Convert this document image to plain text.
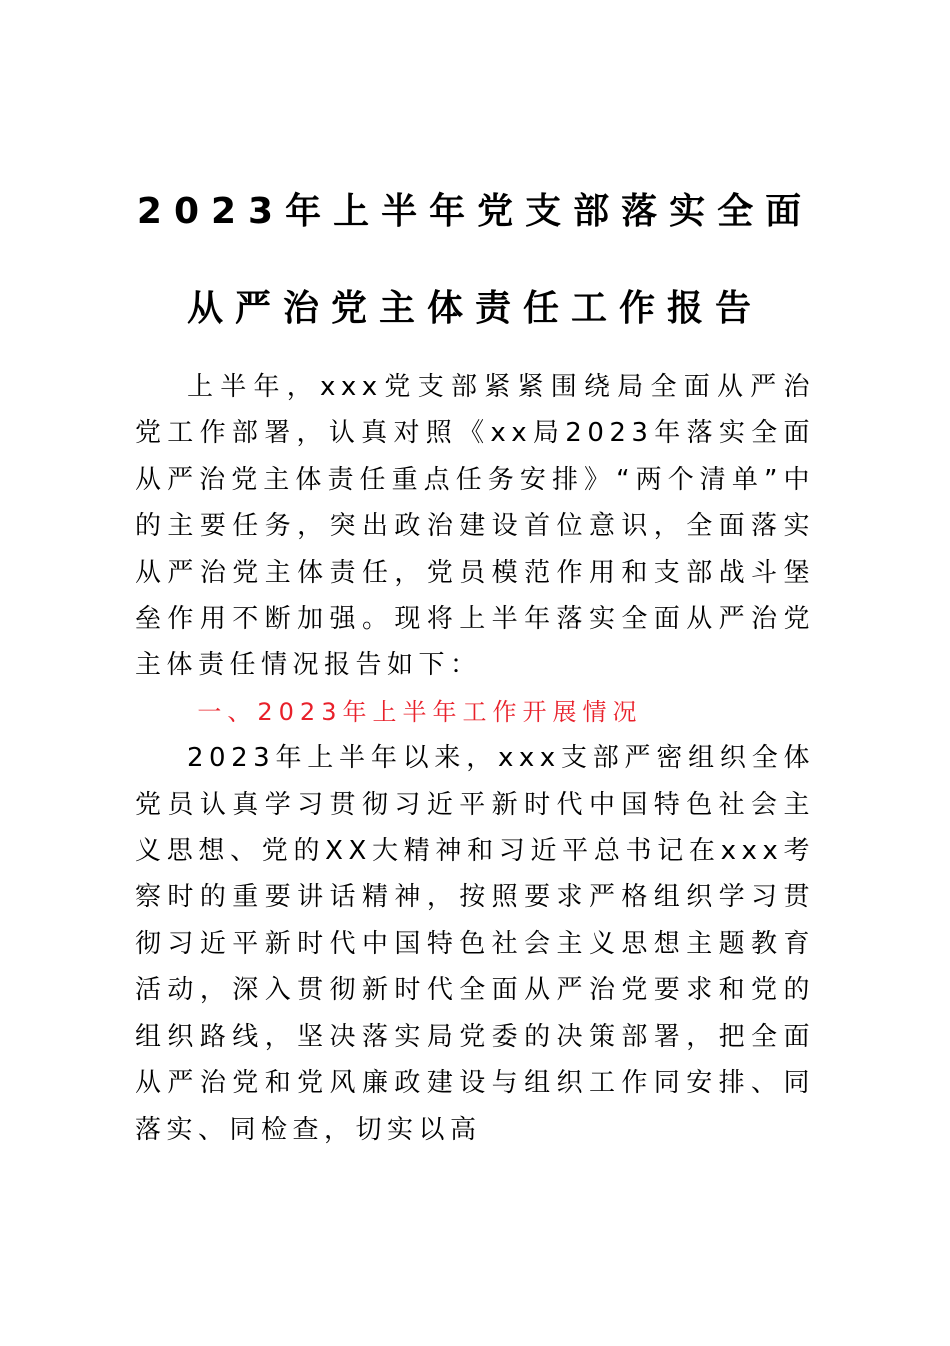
2023年上半年党支部落实全面
从严治党主体责任工作报告

上半年，xxx党支部紧紧围绕局全面从严治党工作部署，认真对照《xx局2023年落实全面从严治党主体责任重点任务安排》“两个清单”中的主要任务，突出政治建设首位意识，全面落实从严治党主体责任，党员模范作用和支部战斗堡垒作用不断加强。现将上半年落实全面从严治党主体责任情况报告如下：

一、2023年上半年工作开展情况

2023年上半年以来，xxx支部严密组织全体党员认真学习贯彻习近平新时代中国特色社会主义思想、党的XX大精神和习近平总书记在xxx考察时的重要讲话精神，按照要求严格组织学习贯彻习近平新时代中国特色社会主义思想主题教育活动，深入贯彻新时代全面从严治党要求和党的组织路线，坚决落实局党委的决策部署，把全面从严治党和党风廉政建设与组织工作同安排、同落实、同检查，切实以高
